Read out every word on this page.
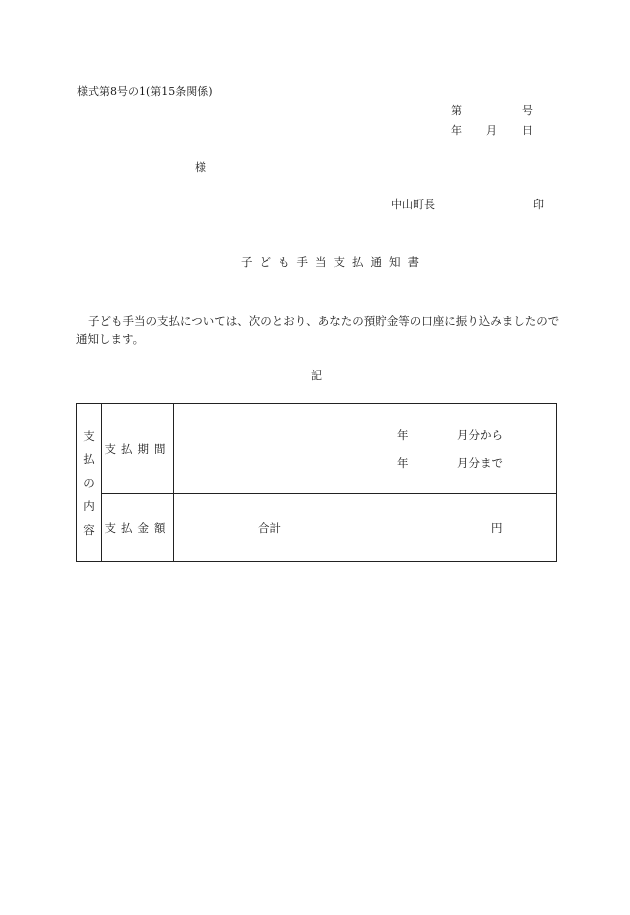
様式第8号の1(第15条関係)
第	号
年 月 日
様
中山町長	印
子ども手当支払通知書
子ども手当の支払については、次のとおり、あなたの預貯金等の口座に振り込みましたので通知します。
記
支
払
の
内
容	支払期間	年 月分から
年 月分まで

	支払金額	合計 円
